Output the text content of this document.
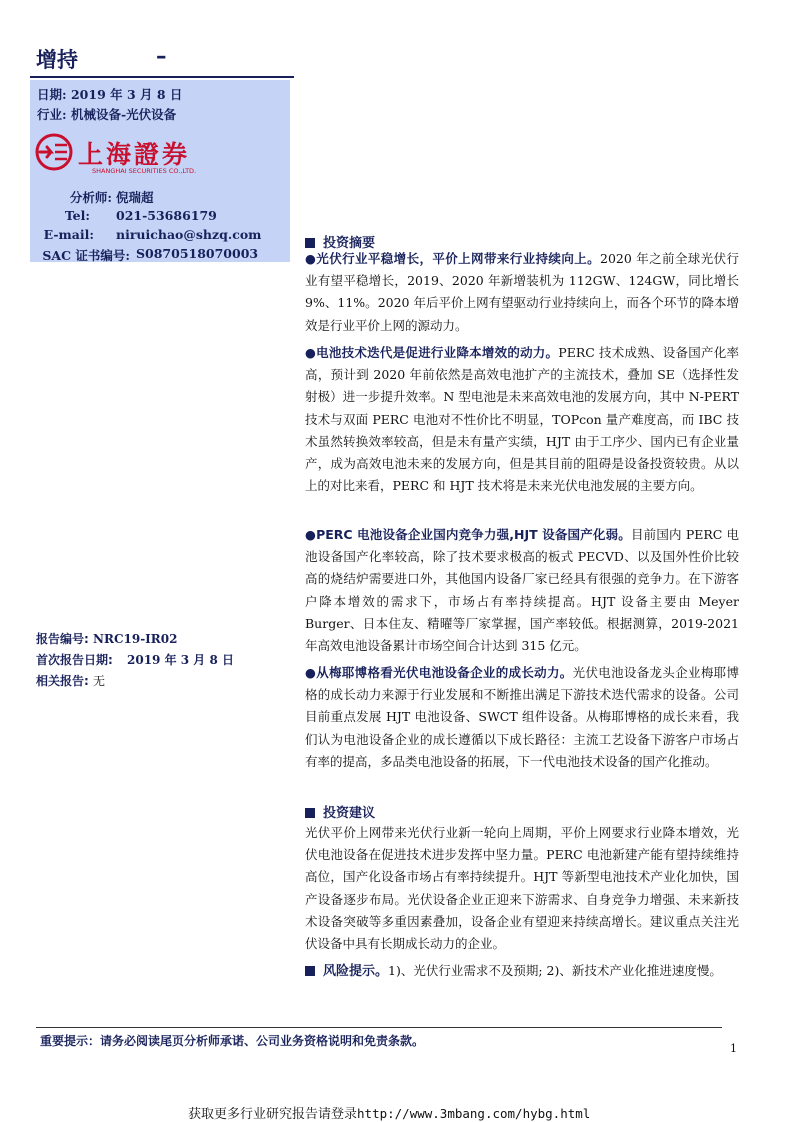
增持	–
日期: 2019 年 3 月 8 日
行业: 机械设备-光伏设备
上海證券
SHANGHAI SECURITIES CO.,LTD.
分析师: 倪瑞超
Tel: 021-53686179
E-mail: niruichao@shzq.com
SAC 证书编号: S0870518070003
报告编号: NRC19-IR02
首次报告日期: 2019 年 3 月 8 日
相关报告: 无
投资摘要
●光伏行业平稳增长，平价上网带来行业持续向上。2020 年之前全球光伏行业有望平稳增长，2019、2020 年新增装机为 112GW、124GW，同比增长 9%、11%。2020 年后平价上网有望驱动行业持续向上，而各个环节的降本增效是行业平价上网的源动力。
●电池技术迭代是促进行业降本增效的动力。PERC 技术成熟、设备国产化率高，预计到 2020 年前依然是高效电池扩产的主流技术，叠加 SE（选择性发射极）进一步提升效率。N 型电池是未来高效电池的发展方向，其中 N-PERT 技术与双面 PERC 电池对不性价比不明显，TOPcon 量产难度高，而 IBC 技术虽然转换效率较高，但是未有量产实绩，HJT 由于工序少、国内已有企业量产，成为高效电池未来的发展方向，但是其目前的阻碍是设备投资较贵。从以上的对比来看，PERC 和 HJT 技术将是未来光伏电池发展的主要方向。
●PERC 电池设备企业国内竞争力强,HJT 设备国产化弱。目前国内 PERC 电池设备国产化率较高，除了技术要求极高的板式 PECVD、以及国外性价比较高的烧结炉需要进口外，其他国内设备厂家已经具有很强的竞争力。在下游客户降本增效的需求下，市场占有率持续提高。HJT 设备主要由 Meyer Burger、日本住友、精曜等厂家掌握，国产率较低。根据测算，2019-2021 年高效电池设备累计市场空间合计达到 315 亿元。
●从梅耶博格看光伏电池设备企业的成长动力。光伏电池设备龙头企业梅耶博格的成长动力来源于行业发展和不断推出满足下游技术迭代需求的设备。公司目前重点发展 HJT 电池设备、SWCT 组件设备。从梅耶博格的成长来看，我们认为电池设备企业的成长遵循以下成长路径：主流工艺设备下游客户市场占有率的提高，多品类电池设备的拓展，下一代电池技术设备的国产化推动。
投资建议
光伏平价上网带来光伏行业新一轮向上周期，平价上网要求行业降本增效，光伏电池设备在促进技术进步发挥中坚力量。PERC 电池新建产能有望持续维持高位，国产化设备市场占有率持续提升。HJT 等新型电池技术产业化加快，国产设备逐步布局。光伏设备企业正迎来下游需求、自身竞争力增强、未来新技术设备突破等多重因素叠加，设备企业有望迎来持续高增长。建议重点关注光伏设备中具有长期成长动力的企业。
风险提示。1)、光伏行业需求不及预期; 2)、新技术产业化推进速度慢。
重要提示：请务必阅读尾页分析师承诺、公司业务资格说明和免责条款。
1
获取更多行业研究报告请登录http://www.3mbang.com/hybg.html
